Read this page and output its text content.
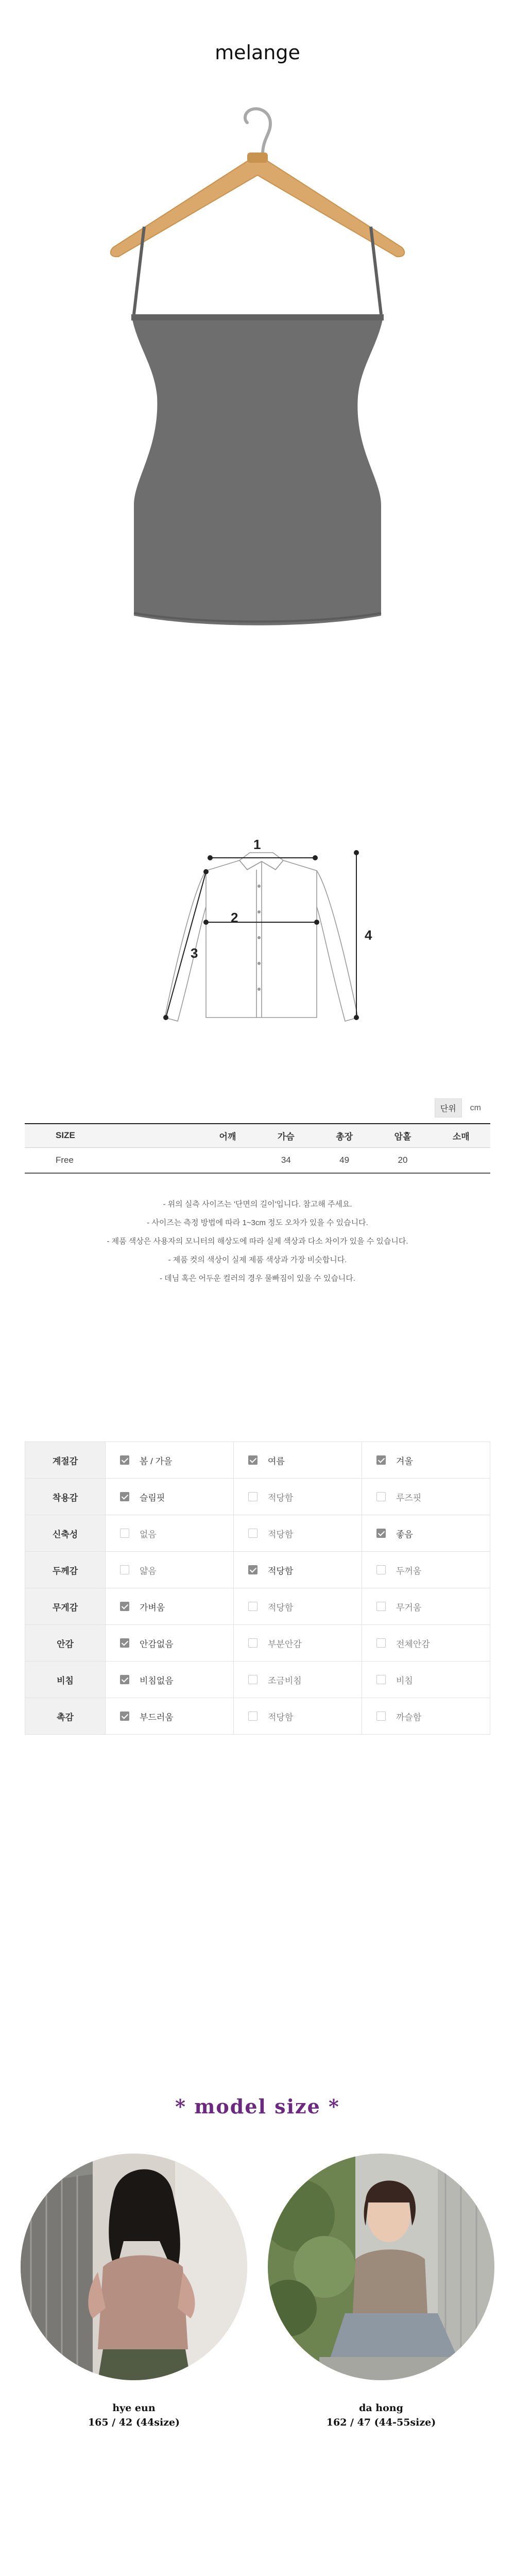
melange
1
2
3
4
단위	cm
SIZE	어깨	가슴	총장	암홀	소매
Free		34	49	20	

- 위의 실측 사이즈는 '단면의 길이'입니다. 참고해 주세요.

- 사이즈는 측정 방법에 따라 1~3cm 정도 오차가 있을 수 있습니다.

- 제품 색상은 사용자의 모니터의 해상도에 따라 실제 색상과 다소 차이가 있을 수 있습니다.

- 제품 컷의 색상이 실제 제품 색상과 가장 비슷합니다.

- 데님 혹은 어두운 컬러의 경우 물빠짐이 있을 수 있습니다.

계절감	봄 / 가을	여름	겨울
착용감	슬림핏	적당함	루즈핏
신축성	없음	적당함	좋음
두께감	얇음	적당함	두꺼움
무게감	가벼움	적당함	무거움
안감	안감없음	부분안감	전체안감
비침	비침없음	조금비침	비침
촉감	부드러움	적당함	까슬함
* model size *
hye eun
165 / 42 (44size)
da hong
162 / 47 (44-55size)
